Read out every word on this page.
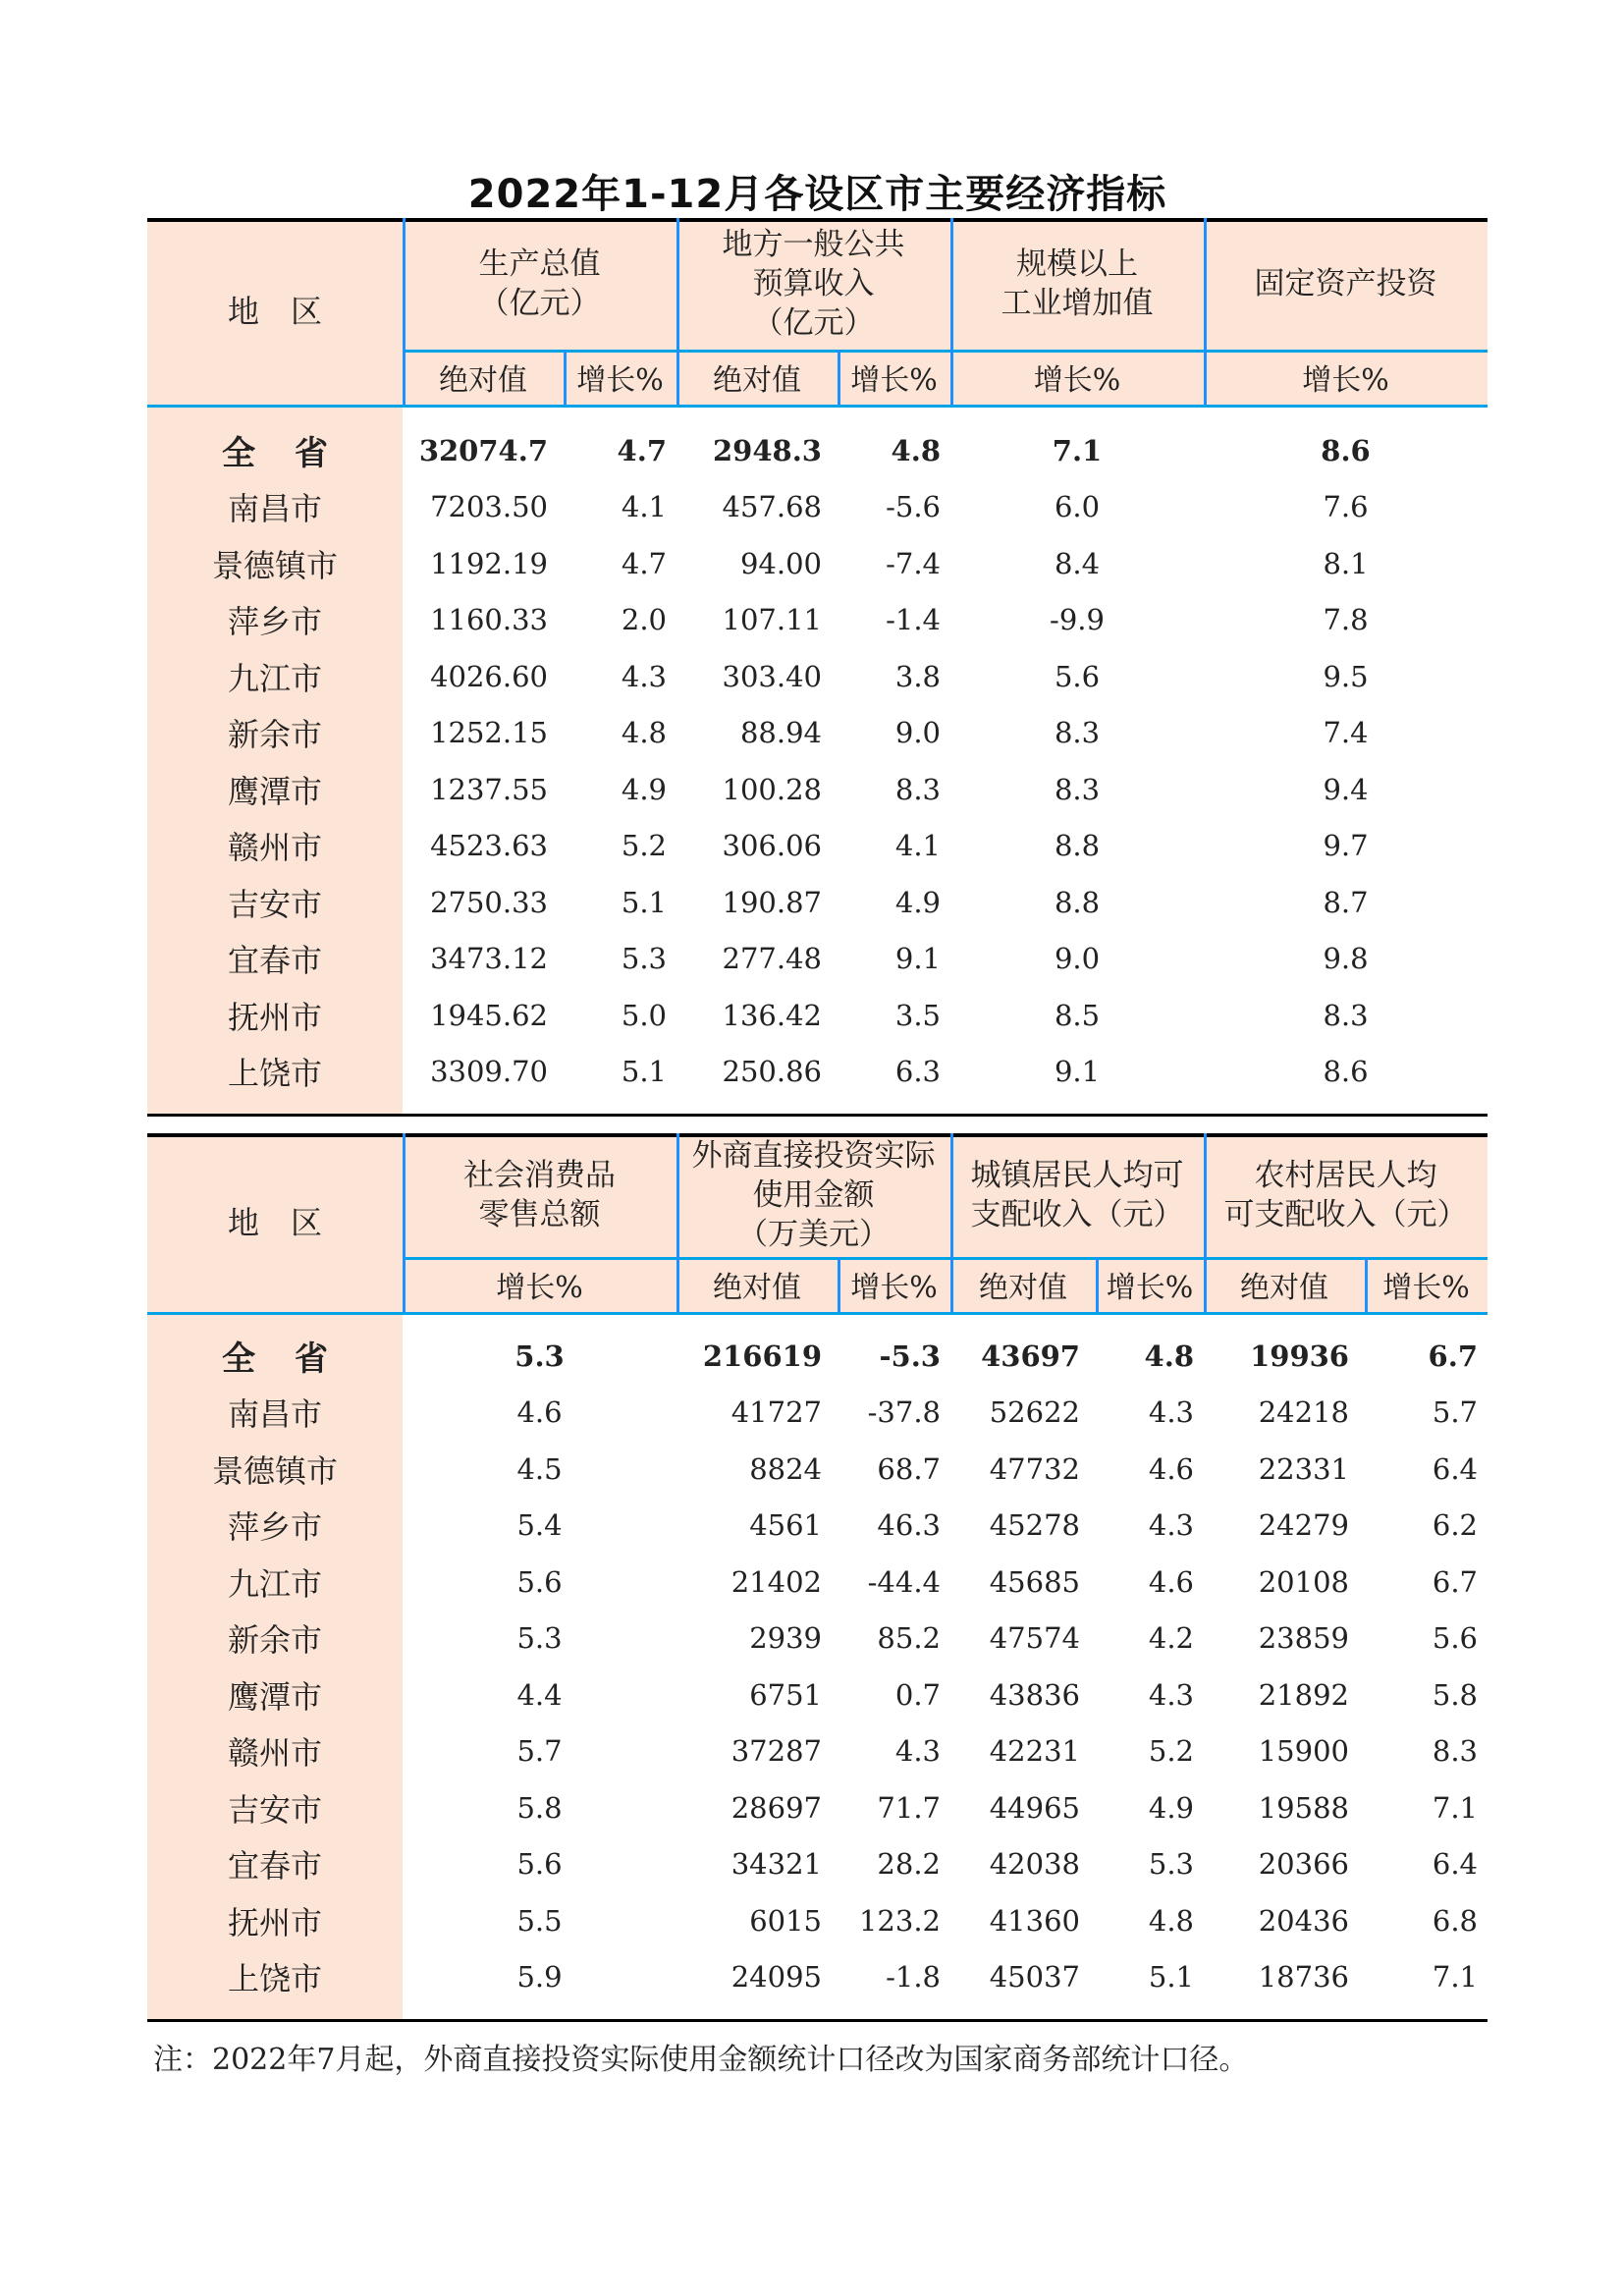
2022年1-12月各设区市主要经济指标
地　区
生产总值
（亿元）
地方一般公共
预算收入
（亿元）
规模以上
工业增加值
固定资产投资
绝对值	增长%	绝对值	增长%	增长%	增长%
全省	32074.7	4.7	2948.3	4.8	7.1	8.6
南昌市	7203.50	4.1	457.68	-5.6	6.0	7.6
景德镇市	1192.19	4.7	94.00	-7.4	8.4	8.1
萍乡市	1160.33	2.0	107.11	-1.4	-9.9	7.8
九江市	4026.60	4.3	303.40	3.8	5.6	9.5
新余市	1252.15	4.8	88.94	9.0	8.3	7.4
鹰潭市	1237.55	4.9	100.28	8.3	8.3	9.4
赣州市	4523.63	5.2	306.06	4.1	8.8	9.7
吉安市	2750.33	5.1	190.87	4.9	8.8	8.7
宜春市	3473.12	5.3	277.48	9.1	9.0	9.8
抚州市	1945.62	5.0	136.42	3.5	8.5	8.3
上饶市	3309.70	5.1	250.86	6.3	9.1	8.6
地　区
社会消费品
零售总额
外商直接投资实际
使用金额
（万美元）
城镇居民人均可
支配收入（元）
农村居民人均
可支配收入（元）
增长%	绝对值	增长%	绝对值	增长%	绝对值	增长%
全省	5.3	216619	-5.3	43697	4.8	19936	6.7
南昌市	4.6	41727	-37.8	52622	4.3	24218	5.7
景德镇市	4.5	8824	68.7	47732	4.6	22331	6.4
萍乡市	5.4	4561	46.3	45278	4.3	24279	6.2
九江市	5.6	21402	-44.4	45685	4.6	20108	6.7
新余市	5.3	2939	85.2	47574	4.2	23859	5.6
鹰潭市	4.4	6751	0.7	43836	4.3	21892	5.8
赣州市	5.7	37287	4.3	42231	5.2	15900	8.3
吉安市	5.8	28697	71.7	44965	4.9	19588	7.1
宜春市	5.6	34321	28.2	42038	5.3	20366	6.4
抚州市	5.5	6015	123.2	41360	4.8	20436	6.8
上饶市	5.9	24095	-1.8	45037	5.1	18736	7.1
注：2022年7月起，外商直接投资实际使用金额统计口径改为国家商务部统计口径。
